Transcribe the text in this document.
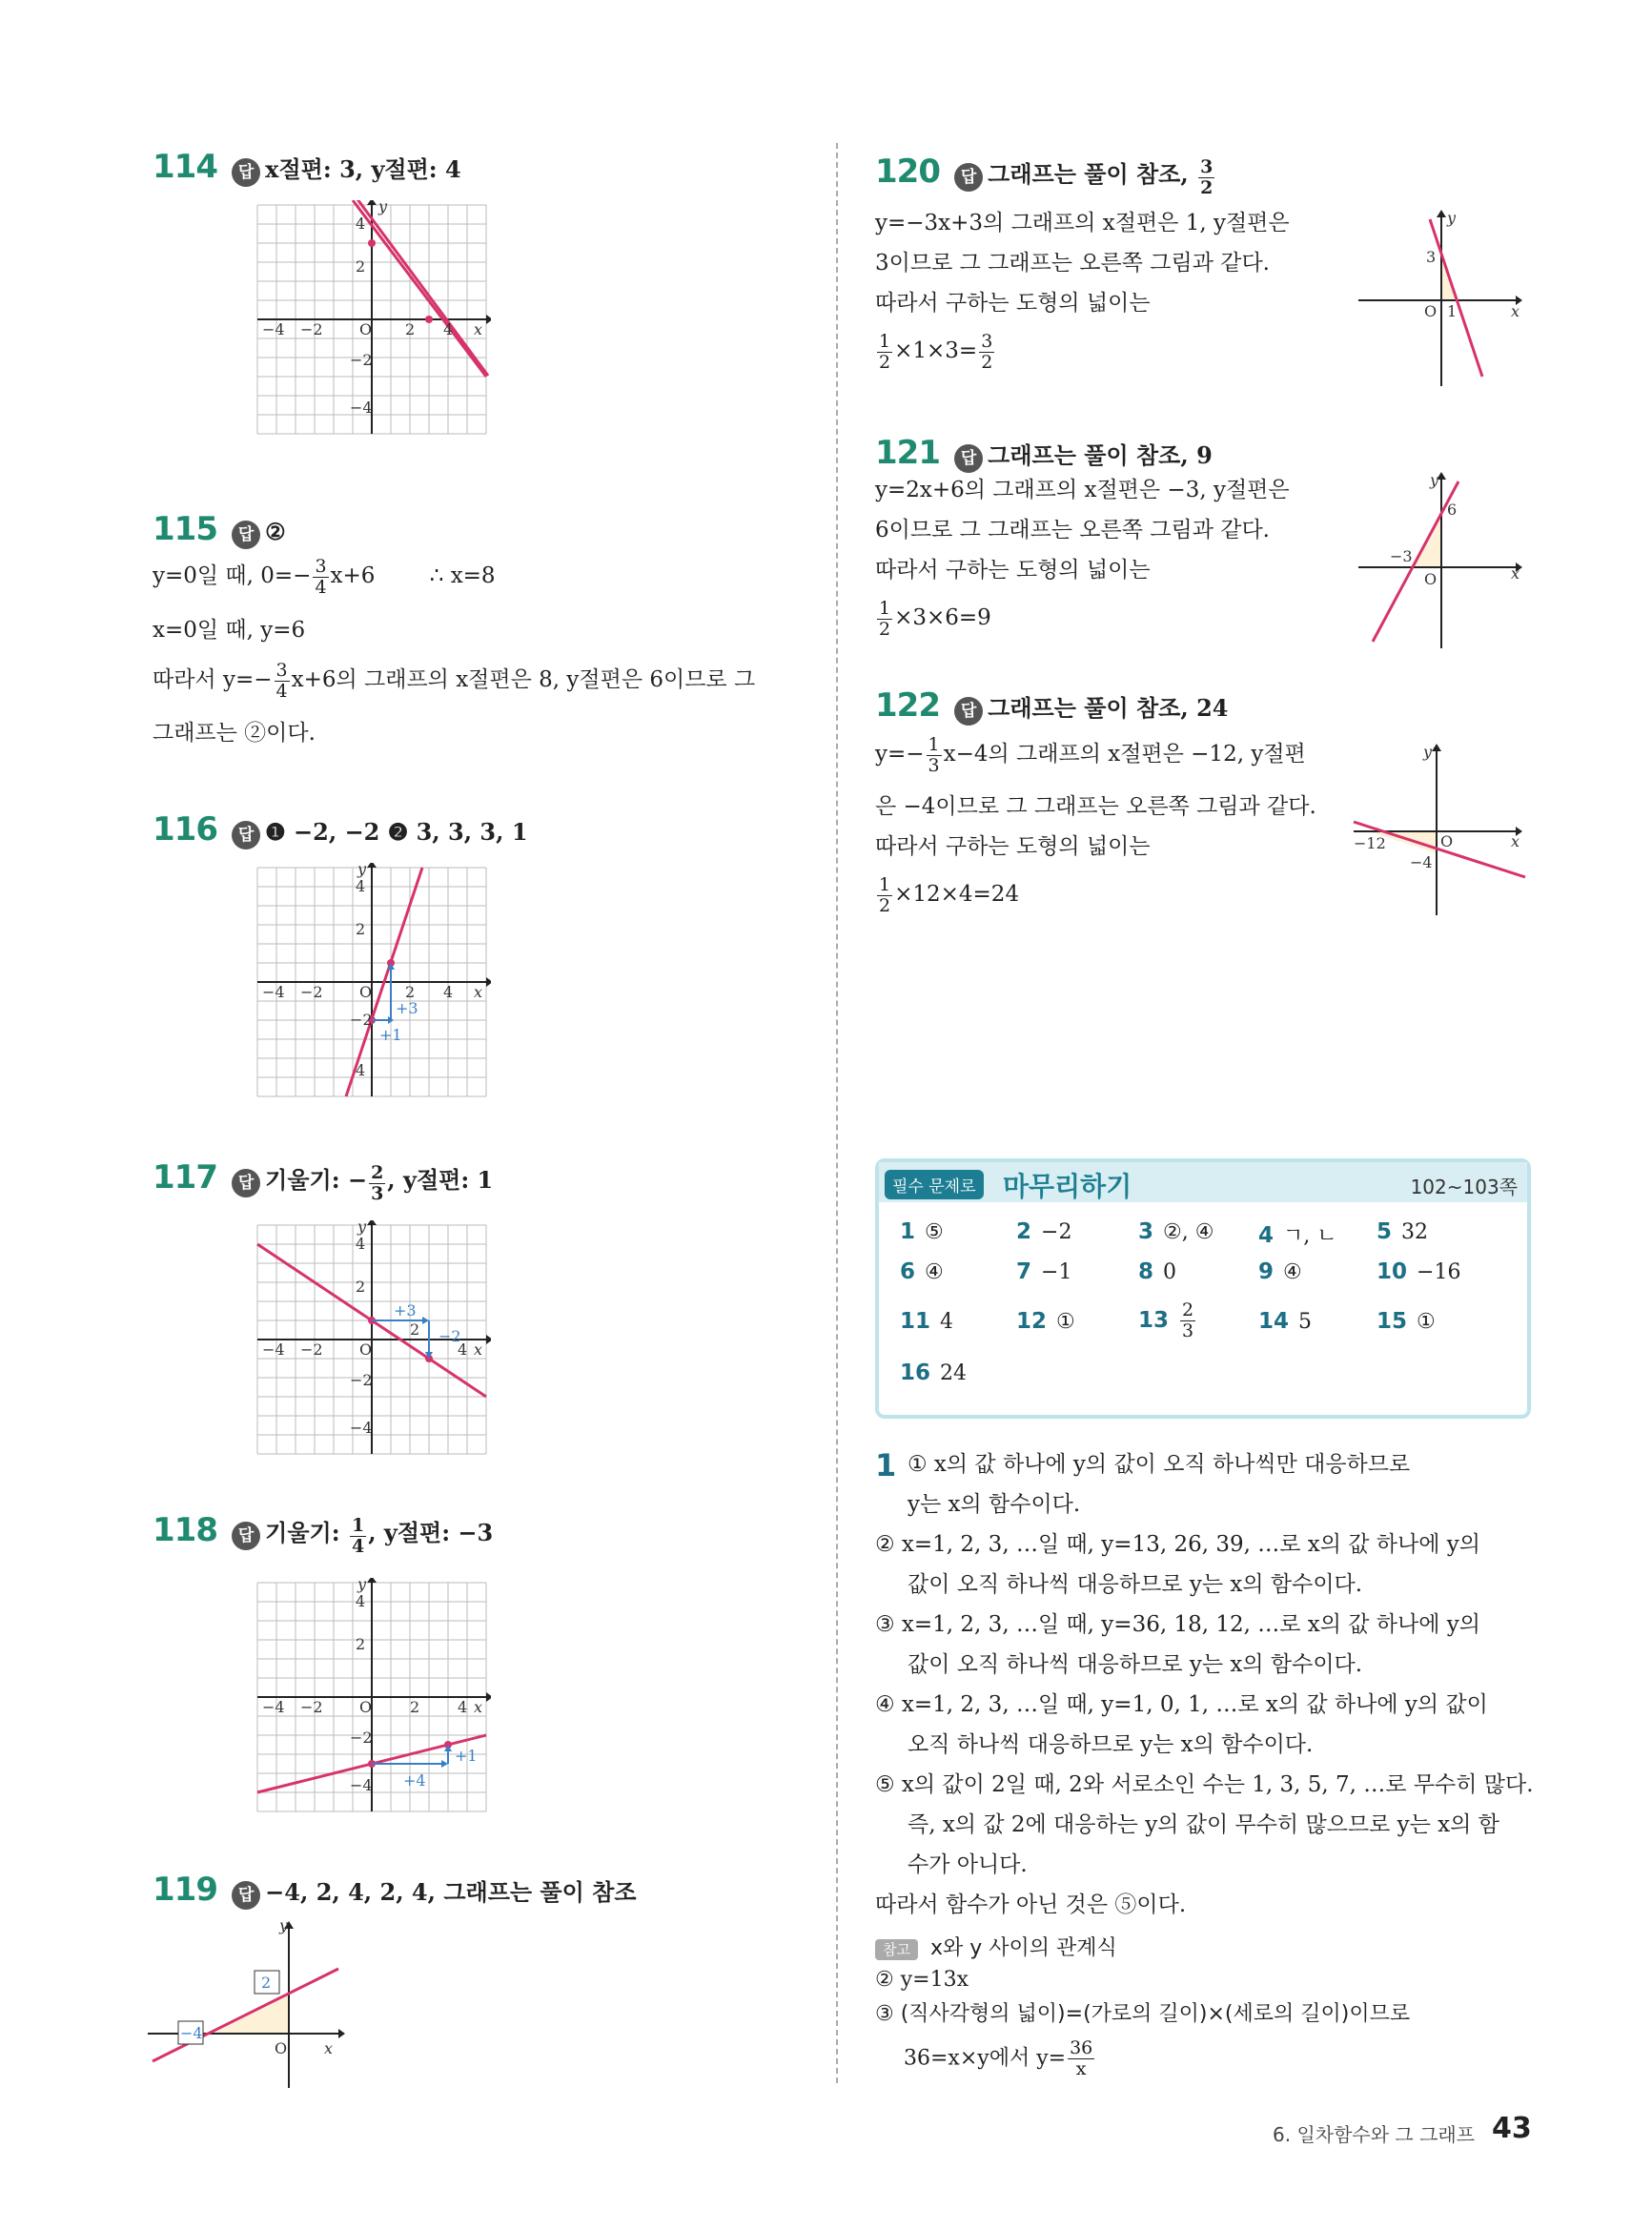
114 답 x절편: 3, y절편: 4
−4 −2 O 2 4 x
y
4
2
−2
−4
115 답 ②
y=0일 때, $0=- \frac{3}{4} x+6$ ∴ x=8
x=0일 때, y=6
따라서 $y=- \frac{3}{4} x+6$의 그래프의 x절편은 8, y절편은 6이므로 그
그래프는 ②이다.
116 답 ❶ −2, −2 ❷ 3, 3, 3, 1
+3
+1
−4 −2 O 2 4 x
y
4
2
−2
4
117 답 기울기: − $\frac{2}{3}$ , y절편: 1
+3
−2
−4 −2 O
2
4 x
y
4
2
−2
−4
118 답 기울기: $\frac{1}{4}$ , y절편: −3
+4
+1
−4 −2 O 2 4 x
y
4
2
−2
−4
119 답 −4, 2, 4, 2, 4, 그래프는 풀이 참조
−4
2
O x
y
120 답 그래프는 풀이 참조, $\frac{3}{2}$
y=−3x+3의 그래프의 x절편은 1, y절편은
3이므로 그 그래프는 오른쪽 그림과 같다.
따라서 구하는 도형의 넓이는
$\frac{1}{2} \times 1\times 3= \frac{3}{2}$
3
O 1	x
y
121 답 그래프는 풀이 참조, 9
y=2x+6의 그래프의 x절편은 −3, y절편은
6이므로 그 그래프는 오른쪽 그림과 같다.
따라서 구하는 도형의 넓이는
$\frac{1}{2} \times 3\times 6=9$
−3
6
O	x
y
122 답 그래프는 풀이 참조, 24
$y=- \frac{1}{3} x-4$의 그래프의 x절편은 −12, y절편
은 −4이므로 그 그래프는 오른쪽 그림과 같다.
따라서 구하는 도형의 넓이는
$\frac{1}{2} \times 12\times 4=24$
−12
−4
O	x
y
필수 문제로 마무리하기	102~103쪽
1 ⑤	2 −2	3 ②, ④ 4 ㄱ, ㄴ 5 32
6 ④	7 −1	8 0	9 ④	10 −16
11 4	12 ①	$13 \frac{2}{3}$	14 5	15 ①
16 24
1 ① x의 값 하나에 y의 값이 오직 하나씩만 대응하므로
y는 x의 함수이다.
② x=1, 2, 3, …일 때, y=13, 26, 39, …로 x의 값 하나에 y의
값이 오직 하나씩 대응하므로 y는 x의 함수이다.
③ x=1, 2, 3, …일 때, y=36, 18, 12, …로 x의 값 하나에 y의
값이 오직 하나씩 대응하므로 y는 x의 함수이다.
④ x=1, 2, 3, …일 때, y=1, 0, 1, …로 x의 값 하나에 y의 값이
오직 하나씩 대응하므로 y는 x의 함수이다.
⑤ x의 값이 2일 때, 2와 서로소인 수는 1, 3, 5, 7, …로 무수히 많다.
즉, x의 값 2에 대응하는 y의 값이 무수히 많으므로 y는 x의 함
수가 아니다.
따라서 함수가 아닌 것은 ⑤이다.
참고 x와 y 사이의 관계식
② y=13x
③ (직사각형의 넓이)=(가로의 길이)×(세로의 길이)이므로
36=x×y에서 $y= \frac{36}{x}$
6. 일차함수와 그 그래프 43
